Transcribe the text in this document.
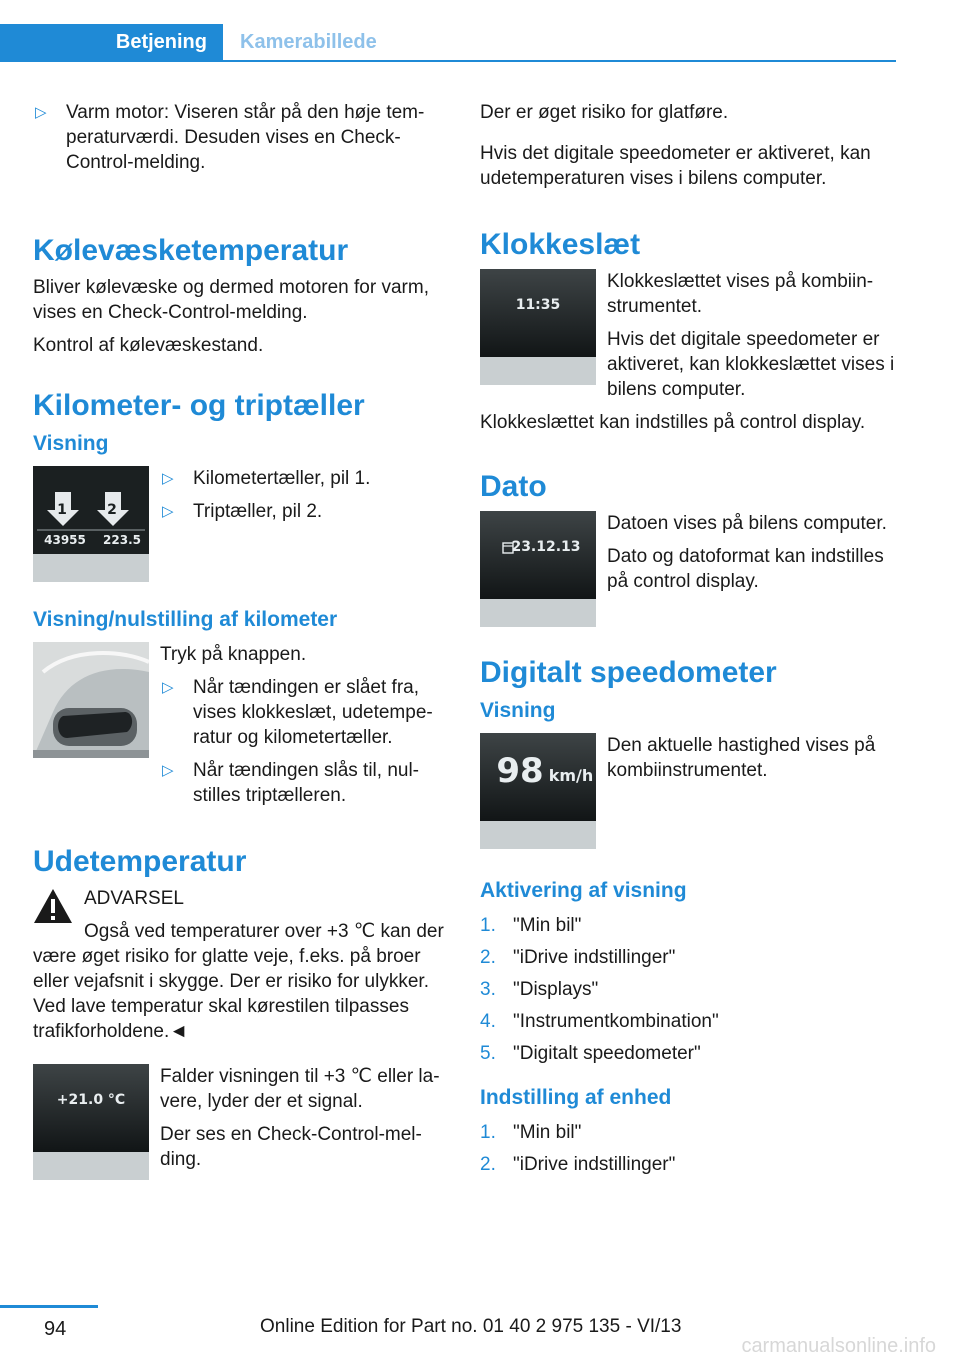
Betjening	Kamerabillede
▷ Varm motor: Viseren står på den høje temperaturværdi. Desuden vises en Check-Control-melding.
Kølevæsketemperatur

Bliver kølevæske og dermed motoren for varm, vises en Check-Control-melding.

Kontrol af kølevæskestand.

Kilometer- og triptæller
Visning
1	2
43955	223.5
▷ Kilometertæller, pil 1.
▷ Triptæller, pil 2.
Visning/nulstilling af kilometer

Tryk på knappen.

▷ Når tændingen er slået fra, vises klokkeslæt, udetemperatur og kilometertæller.
▷ Når tændingen slås til, nulstilles triptælleren.
Udetemperatur

ADVARSEL

Også ved temperaturer over +3 ℃ kan der være øget risiko for glatte veje, f.eks. på broer eller vejafsnit i skygge. Der er risiko for ulykker. Ved lave temperatur skal kørestilen tilpasses trafikforholdene.◄

+21.0 °C

Falder visningen til +3 ℃ eller lavere, lyder der et signal.

Der ses en Check-Control-melding.

Der er øget risiko for glatføre.

Hvis det digitale speedometer er aktiveret, kan udetemperaturen vises i bilens computer.

Klokkeslæt
11:35

Klokkeslættet vises på kombiinstrumentet.

Hvis det digitale speedometer er aktiveret, kan klokkeslættet vises i bilens computer.

Klokkeslættet kan indstilles på control display.

Dato
23.12.13

Datoen vises på bilens computer.

Dato og datoformat kan indstilles på control display.

Digitalt speedometer
Visning
98 km/h

Den aktuelle hastighed vises på kombiinstrumentet.

Aktivering af visning
1. "Min bil"
2. "iDrive indstillinger"
3. "Displays"
4. "Instrumentkombination"
5. "Digitalt speedometer"
Indstilling af enhed
1. "Min bil"
2. "iDrive indstillinger"
94	Online Edition for Part no. 01 40 2 975 135 - VI/13
carmanualsonline.info
